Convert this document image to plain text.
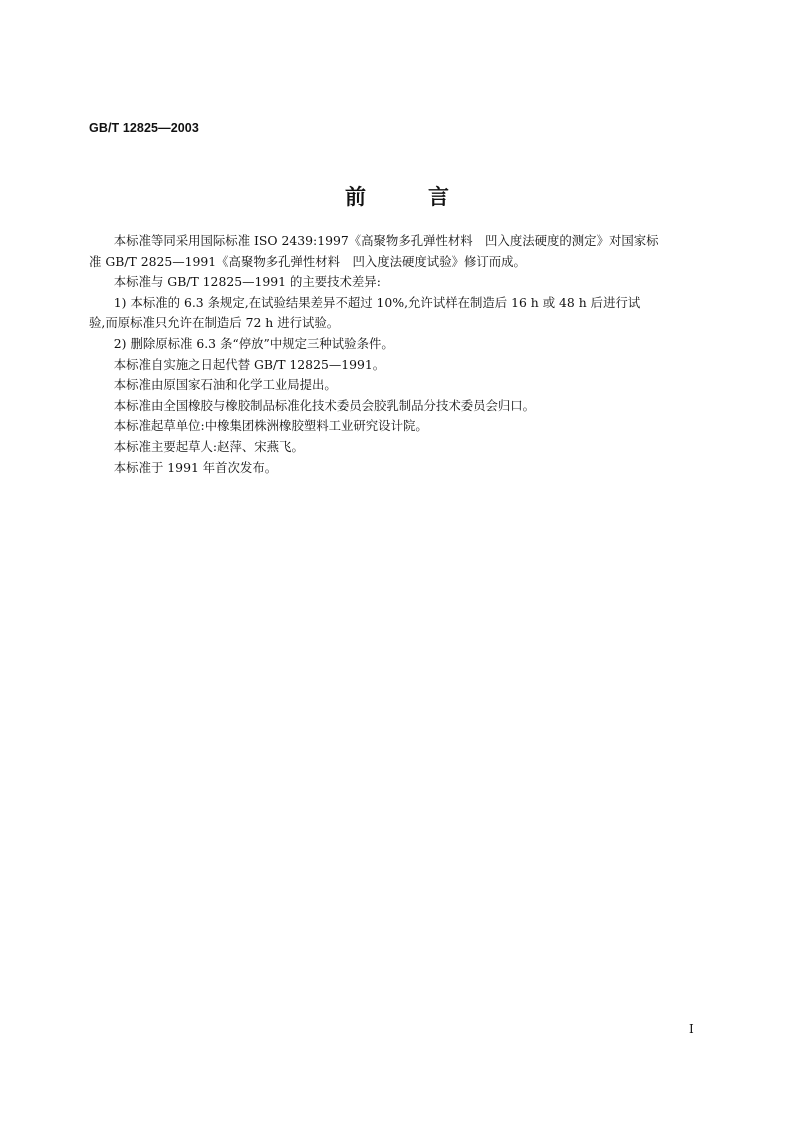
GB/T 12825—2003
前言

本标准等同采用国际标准 ISO 2439:1997《高聚物多孔弹性材料　凹入度法硬度的测定》对国家标

准 GB/T 2825—1991《高聚物多孔弹性材料　凹入度法硬度试验》修订而成。

本标准与 GB/T 12825—1991 的主要技术差异:

1) 本标准的 6.3 条规定,在试验结果差异不超过 10%,允许试样在制造后 16 h 或 48 h 后进行试

验,而原标准只允许在制造后 72 h 进行试验。

2) 删除原标准 6.3 条“停放”中规定三种试验条件。

本标准自实施之日起代替 GB/T 12825—1991。

本标准由原国家石油和化学工业局提出。

本标准由全国橡胶与橡胶制品标准化技术委员会胶乳制品分技术委员会归口。

本标准起草单位:中橡集团株洲橡胶塑料工业研究设计院。

本标准主要起草人:赵萍、宋燕飞。

本标准于 1991 年首次发布。

I
